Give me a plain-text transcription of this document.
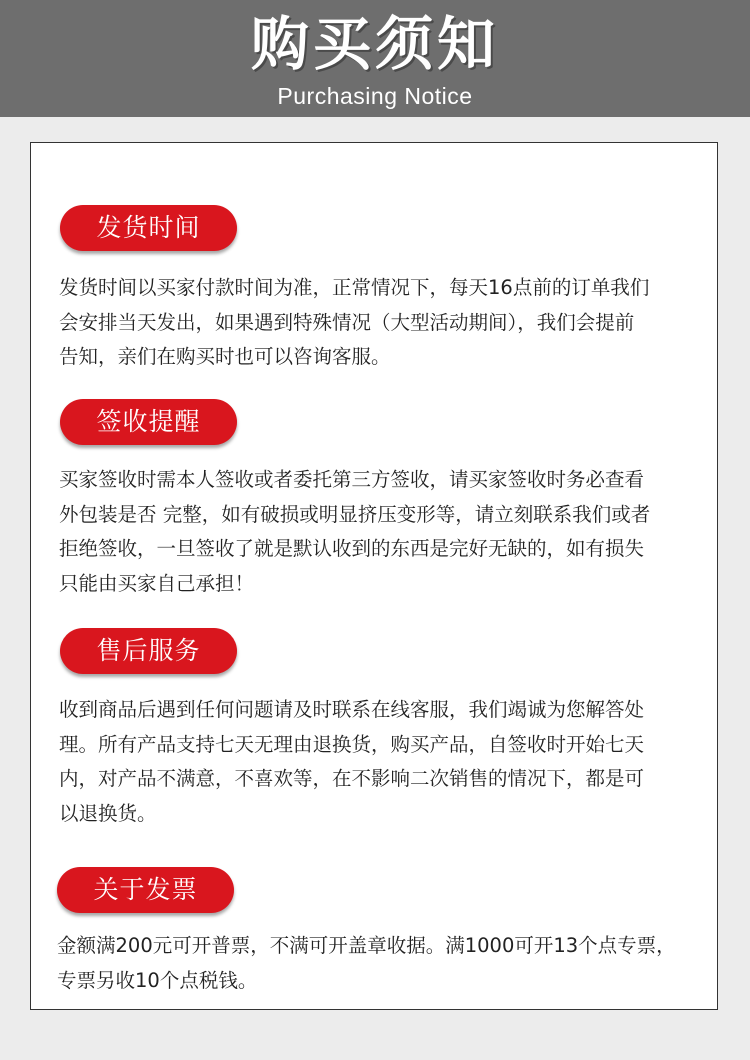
购买须知
Purchasing Notice
发货时间
发货时间以买家付款时间为准，正常情况下，每天16点前的订单我们
会安排当天发出，如果遇到特殊情况（大型活动期间），我们会提前
告知，亲们在购买时也可以咨询客服。
签收提醒
买家签收时需本人签收或者委托第三方签收，请买家签收时务必查看
外包装是否 完整，如有破损或明显挤压变形等，请立刻联系我们或者
拒绝签收，一旦签收了就是默认收到的东西是完好无缺的，如有损失
只能由买家自己承担！
售后服务
收到商品后遇到任何问题请及时联系在线客服，我们竭诚为您解答处
理。所有产品支持七天无理由退换货，购买产品，自签收时开始七天
内，对产品不满意，不喜欢等，在不影响二次销售的情况下，都是可
以退换货。
关于发票
金额满200元可开普票，不满可开盖章收据。满1000可开13个点专票，
专票另收10个点税钱。
